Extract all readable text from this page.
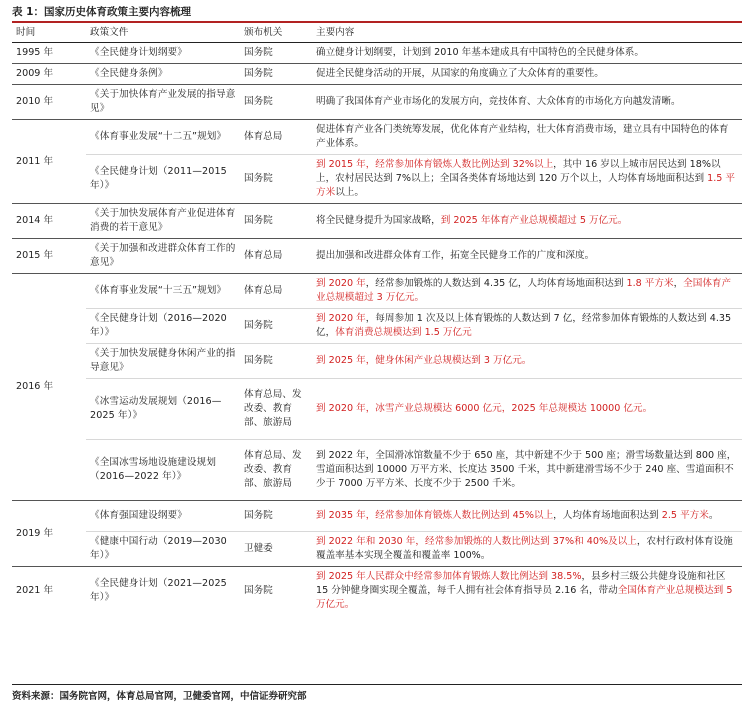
表 1：国家历史体育政策主要内容梳理
时间	政策文件	颁布机关	主要内容
1995 年	《全民健身计划纲要》	国务院	确立健身计划纲要，计划到 2010 年基本建成具有中国特色的全民健身体系。
2009 年	《全民健身条例》	国务院	促进全民健身活动的开展，从国家的角度确立了大众体育的重要性。
2010 年	《关于加快体育产业发展的指导意见》	国务院	明确了我国体育产业市场化的发展方向，竞技体育、大众体育的市场化方向越发清晰。
2011 年	《体育事业发展“十二五”规划》	体育总局	促进体育产业各门类统筹发展，优化体育产业结构，壮大体育消费市场，建立具有中国特色的体育产业体系。
	《全民健身计划（2011—2015 年）》	国务院	到 2015 年，经常参加体育锻炼人数比例达到 32%以上，其中 16 岁以上城市居民达到 18%以上，农村居民达到 7%以上；全国各类体育场地达到 120 万个以上，人均体育场地面积达到 1.5 平方米以上。
2014 年	《关于加快发展体育产业促进体育消费的若干意见》	国务院	将全民健身提升为国家战略，到 2025 年体育产业总规模超过 5 万亿元。
2015 年	《关于加强和改进群众体育工作的意见》	体育总局	提出加强和改进群众体育工作，拓宽全民健身工作的广度和深度。
2016 年	《体育事业发展“十三五”规划》	体育总局	到 2020 年，经常参加锻炼的人数达到 4.35 亿，人均体育场地面积达到 1.8 平方米，全国体育产业总规模超过 3 万亿元。
	《全民健身计划（2016—2020 年）》	国务院	到 2020 年，每周参加 1 次及以上体育锻炼的人数达到 7 亿，经常参加体育锻炼的人数达到 4.35 亿，体育消费总规模达到 1.5 万亿元
	《关于加快发展健身休闲产业的指导意见》	国务院	到 2025 年，健身休闲产业总规模达到 3 万亿元。
	《冰雪运动发展规划（2016—2025 年）》	体育总局、发改委、教育部、旅游局	到 2020 年，冰雪产业总规模达 6000 亿元，2025 年总规模达 10000 亿元。
	《全国冰雪场地设施建设规划（2016—2022 年）》	体育总局、发改委、教育部、旅游局	到 2022 年，全国滑冰馆数量不少于 650 座，其中新建不少于 500 座；滑雪场数量达到 800 座，雪道面积达到 10000 万平方米、长度达 3500 千米，其中新建滑雪场不少于 240 座、雪道面积不少于 7000 万平方米、长度不少于 2500 千米。
2019 年	《体育强国建设纲要》	国务院	到 2035 年，经常参加体育锻炼人数比例达到 45%以上，人均体育场地面积达到 2.5 平方米。
	《健康中国行动（2019—2030 年）》	卫健委	到 2022 年和 2030 年，经常参加锻炼的人数比例达到 37%和 40%及以上，农村行政村体育设施覆盖率基本实现全覆盖和覆盖率 100%。
2021 年	《全民健身计划（2021—2025 年）》	国务院	到 2025 年人民群众中经常参加体育锻炼人数比例达到 38.5%，县乡村三级公共健身设施和社区 15 分钟健身圈实现全覆盖，每千人拥有社会体育指导员 2.16 名，带动全国体育产业总规模达到 5 万亿元。
资料来源：国务院官网，体育总局官网，卫健委官网，中信证券研究部
